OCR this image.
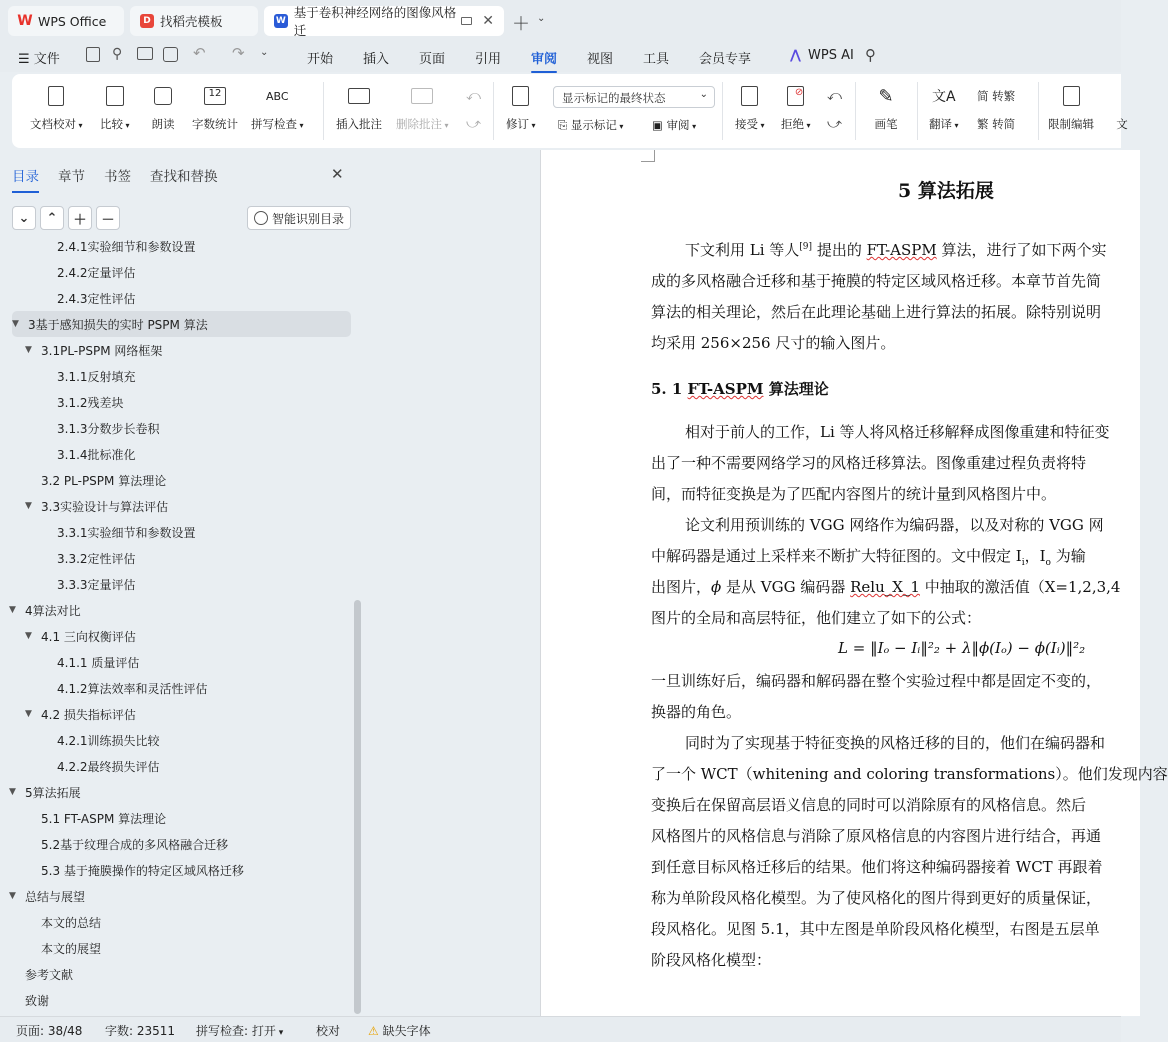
W WPS Office	D 找稻壳模板	W
基于卷积神经网络的图像风格迁
✕ ＋ ⌄
☰ 文件	⚲	↶ ↷ ⌄	开始 插入 页面 引用 审阅 视图 工具 会员专享	⋀ WPS AI ⚲
文档校对 ▾ 比较 ▾ 朗读
12
字数统计
ABC
拼写检查 ▾	插入批注 删除批注 ▾
⤺
⤻ 修订 ▾
显示标记的最终状态	⌄
⎘ 显示标记 ▾ ▣ 审阅 ▾	接受 ▾
⊘
拒绝 ▾
⤺
⤻
✎
画笔
文A
翻译 ▾
简 转繁
繁 转简	限制编辑 文
目录 章节 书签 查找和替换	✕
⌄ ⌃ ＋ －	智能识别目录
2.4.1实验细节和参数设置
2.4.2定量评估
2.4.3定性评估
▼ 3基于感知损失的实时 PSPM 算法
▼ 3.1PL-PSPM 网络框架
3.1.1反射填充
3.1.2残差块
3.1.3分数步长卷积
3.1.4批标准化
3.2 PL-PSPM 算法理论
▼ 3.3实验设计与算法评估
3.3.1实验细节和参数设置
3.3.2定性评估
3.3.3定量评估
▼ 4算法对比
▼ 4.1 三向权衡评估
4.1.1 质量评估
4.1.2算法效率和灵活性评估
▼ 4.2 损失指标评估
4.2.1训练损失比较
4.2.2最终损失评估
▼ 5算法拓展
5.1 FT-ASPM 算法理论
5.2基于纹理合成的多风格融合迁移
5.3 基于掩膜操作的特定区域风格迁移
▼ 总结与展望
本文的总结
本文的展望
参考文献
致谢
5 算法拓展
下文利用 Li 等人[9] 提出的 FT-ASPM 算法，进行了如下两个实
成的多风格融合迁移和基于掩膜的特定区域风格迁移。本章节首先简
算法的相关理论，然后在此理论基础上进行算法的拓展。除特别说明
均采用 256×256 尺寸的输入图片。
5. 1 FT-ASPM 算法理论
相对于前人的工作，Li 等人将风格迁移解释成图像重建和特征变
出了一种不需要网络学习的风格迁移算法。图像重建过程负责将特
间，而特征变换是为了匹配内容图片的统计量到风格图片中。
论文利用预训练的 VGG 网络作为编码器，以及对称的 VGG 网
中解码器是通过上采样来不断扩大特征图的。文中假定 $I_i$，$I_o$ 为输
出图片，ϕ 是从 VGG 编码器 Relu_X_1 中抽取的激活值（X=1,2,3,4
图片的全局和高层特征，他们建立了如下的公式：
L = ‖Iₒ − Iᵢ‖²₂ + λ‖ϕ(Iₒ) − ϕ(Iᵢ)‖²₂
一旦训练好后，编码器和解码器在整个实验过程中都是固定不变的，
换器的角色。
同时为了实现基于特征变换的风格迁移的目的，他们在编码器和
了一个 WCT（whitening and coloring transformations）。他们发现内容
变换后在保留高层语义信息的同时可以消除原有的风格信息。然后
风格图片的风格信息与消除了原风格信息的内容图片进行结合，再通
到任意目标风格迁移后的结果。他们将这种编码器接着 WCT 再跟着
称为单阶段风格化模型。为了使风格化的图片得到更好的质量保证，
段风格化。见图 5.1，其中左图是单阶段风格化模型，右图是五层单
阶段风格化模型：
页面: 38/48 字数: 23511 拼写检查: 打开 ▾	校对 ⚠ 缺失字体
